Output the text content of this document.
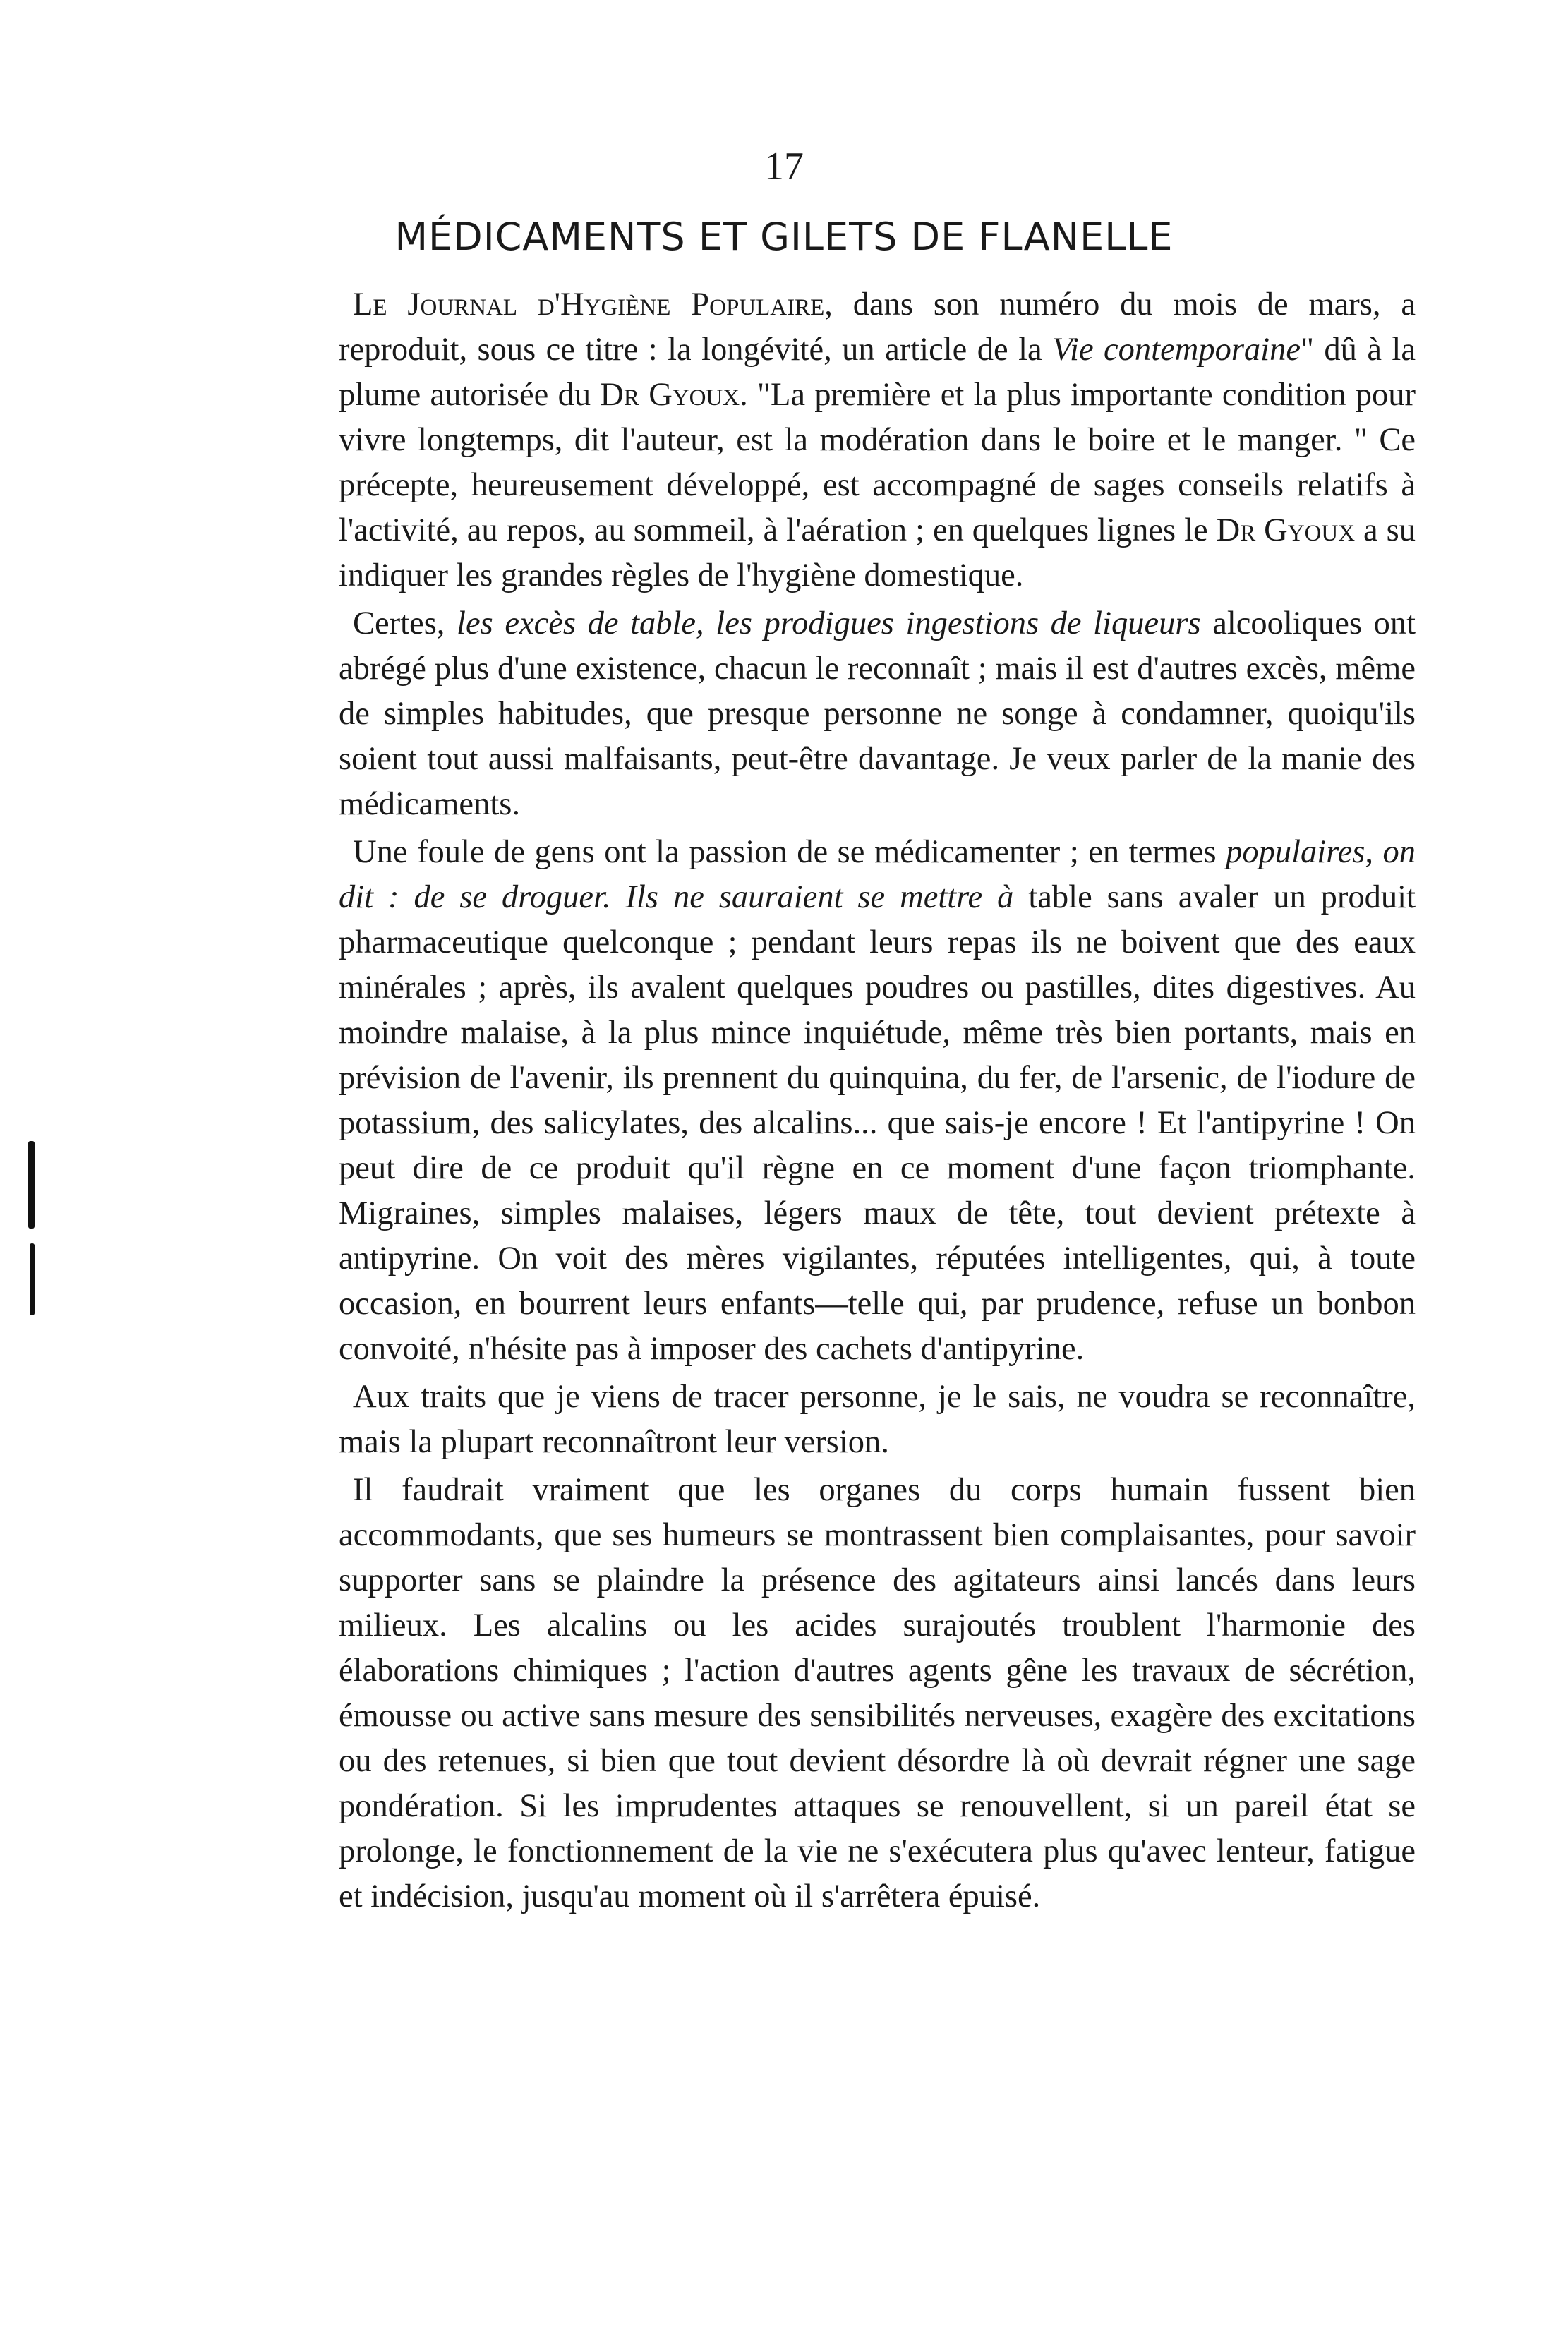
17
MÉDICAMENTS ET GILETS DE FLANELLE

Le Journal d'Hygiène Populaire, dans son numéro du mois de mars, a reproduit, sous ce titre : la longévité, un article de la Vie contemporaine" dû à la plume autorisée du Dr Gyoux. "La première et la plus importante condition pour vivre longtemps, dit l'auteur, est la modération dans le boire et le manger. " Ce précepte, heureusement développé, est accompagné de sages conseils relatifs à l'activité, au repos, au sommeil, à l'aération ; en quelques lignes le Dr Gyoux a su indiquer les grandes règles de l'hygiène domestique.

Certes, les excès de table, les prodigues ingestions de liqueurs alcooliques ont abrégé plus d'une existence, chacun le reconnaît ; mais il est d'autres excès, même de simples habitudes, que presque personne ne songe à condamner, quoiqu'ils soient tout aussi malfaisants, peut-être davantage. Je veux parler de la manie des médicaments.

Une foule de gens ont la passion de se médicamenter ; en termes populaires, on dit : de se droguer. Ils ne sauraient se mettre à table sans avaler un produit pharmaceutique quelconque ; pendant leurs repas ils ne boivent que des eaux minérales ; après, ils avalent quelques poudres ou pastilles, dites digestives. Au moindre malaise, à la plus mince inquiétude, même très bien portants, mais en prévision de l'avenir, ils prennent du quinquina, du fer, de l'arsenic, de l'iodure de potassium, des salicylates, des alcalins... que sais-je encore ! Et l'antipyrine ! On peut dire de ce produit qu'il règne en ce moment d'une façon triomphante. Migraines, simples malaises, légers maux de tête, tout devient prétexte à antipyrine. On voit des mères vigilantes, réputées intelligentes, qui, à toute occasion, en bourrent leurs enfants—telle qui, par prudence, refuse un bonbon convoité, n'hésite pas à imposer des cachets d'antipyrine.

Aux traits que je viens de tracer personne, je le sais, ne voudra se reconnaître, mais la plupart reconnaîtront leur version.

Il faudrait vraiment que les organes du corps humain fussent bien accommodants, que ses humeurs se montrassent bien complaisantes, pour savoir supporter sans se plaindre la présence des agitateurs ainsi lancés dans leurs milieux. Les alcalins ou les acides surajoutés troublent l'harmonie des élaborations chimiques ; l'action d'autres agents gêne les travaux de sécrétion, émousse ou active sans mesure des sensibilités nerveuses, exagère des excitations ou des retenues, si bien que tout devient désordre là où devrait régner une sage pondération. Si les imprudentes attaques se renouvellent, si un pareil état se prolonge, le fonctionnement de la vie ne s'exécutera plus qu'avec lenteur, fatigue et indécision, jusqu'au moment où il s'arrêtera épuisé.
